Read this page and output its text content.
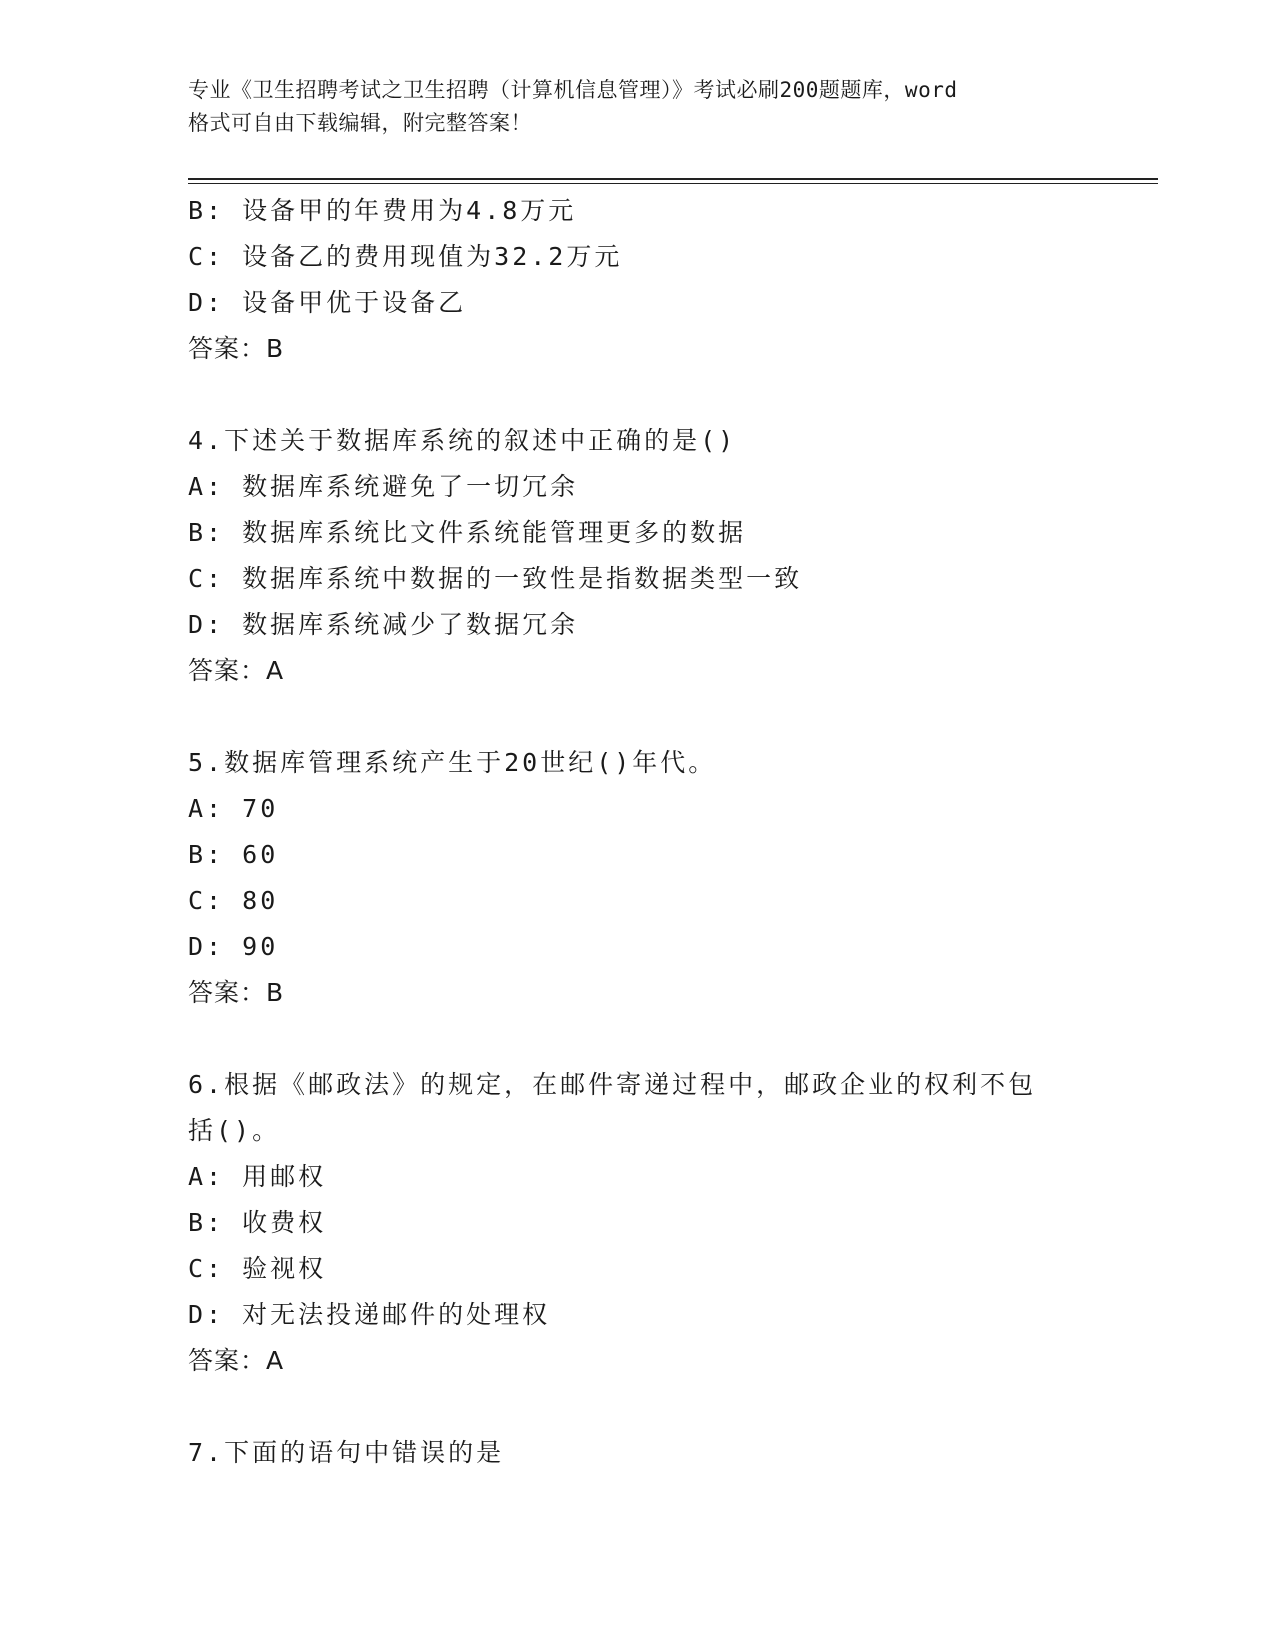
专业《卫生招聘考试之卫生招聘（计算机信息管理）》考试必刷200题题库，word
格式可自由下载编辑，附完整答案！
B: 设备甲的年费用为4.8万元
C: 设备乙的费用现值为32.2万元
D: 设备甲优于设备乙
答案：B
4.下述关于数据库系统的叙述中正确的是()
A: 数据库系统避免了一切冗余
B: 数据库系统比文件系统能管理更多的数据
C: 数据库系统中数据的一致性是指数据类型一致
D: 数据库系统减少了数据冗余
答案：A
5.数据库管理系统产生于20世纪()年代。
A: 70
B: 60
C: 80
D: 90
答案：B
6.根据《邮政法》的规定，在邮件寄递过程中，邮政企业的权利不包
括()。
A: 用邮权
B: 收费权
C: 验视权
D: 对无法投递邮件的处理权
答案：A
7.下面的语句中错误的是
